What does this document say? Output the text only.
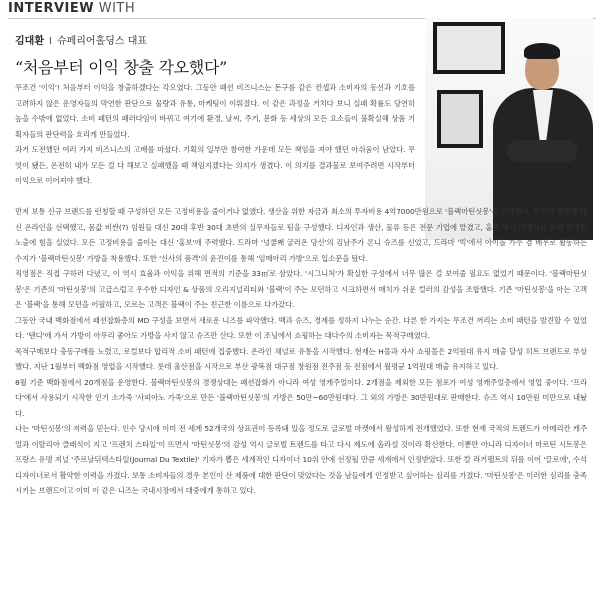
INTERVIEW WITH
김대환 I 슈페리어홀딩스 대표
“처음부터 이익 창출 각오했다”

무조건 '이익'! 처음부터 이익을 창출하겠다는 각오였다. 그동안 패션 비즈니스는 돈구름 같은 컨셉과 소비자의 동선과 기호를 고려하지 않은 운영자들의 막연한 판단으로 물량과 유통, 마케팅이 이뤄졌다. 이 같은 과정을 거치다 보니 실패 확률도 당연히 높을 수밖에 없었다. 소비 패턴의 패러다임이 바뀌고 여기에 환경, 날씨, 주거, 문화 등 세상의 모든 요소들이 불확실해 상품 기획자들의 판단력을 흐리게 만들었다.

과거 도전했던 여러 가지 비즈니스의 고배를 마셨다. 기획의 일부만 참여한 가운데 모든 책임을 져야 했던 아쉬움이 남았다. 무엇이 됐든, 온전히 내가 모든 걸 다 해보고 실패했을 때 책임지겠다는 의지가 생겼다. 이 의지를 결과물로 보여주려면 시작부터 이익으로 이어져야 했다.

먼저 보통 신규 브랜드를 런칭할 때 구성하던 모든 고정비용을 줄이거나 없앴다. 생산을 위한 자금과 최소의 투자비용 4억7000만원으로 '블랙마틴싯봉'을 시작했다. 막연한 유통망 대신 온라인을 선택했고, 몸값 비싼(?) 임원들 대신 20대 후반 30대 초반의 실무자들로 팀을 구성했다. 디자인과 생산, 물류 등은 전문 기업에 맡겼고, 홍보 역시 대행사를 통해 연예인 노출에 힘을 실었다. 모든 고정비용을 줄이는 대신 '홍보'에 주력했다. 드라마 '넝쿨째 굴러온 당신'의 김남주가 론니 슈즈를 신었고, 드라마 '빅'에서 아이돌 가수 겸 배우로 활동하는 수지가 '블랙마틴싯봉' 가방을 착용했다. 또한 '신사의 품격'의 윤진이를 통해 '임메아리 가방'으로 입소문을 탔다.

직영점은 직접 구하러 다녔고, 이 역시 효율과 이익을 위해 면적의 기준을 33㎡로 삼았다. '시그니처'가 확실한 구성에서 너무 많은 걸 보여줄 필요도 없었기 때문이다. '블랙마틴싯봉'은 기존의 '마틴싯봉'의 고급스럽고 우수한 디자인 & 상품의 오리지널리티와 '블랙'이 주는 모던하고 시크하면서 매치가 쉬운 컬러의 감성을 조합했다. 기존 '마틴싯봉'을 아는 고객은 '블랙'을 통해 모던을 어필하고, 모르는 고객은 블랙이 주는 친근한 이름으로 다가갔다.

그동안 국내 백화점에서 패션잡화층의 MD 구성을 보면서 새로운 니즈를 파악했다. 백과 슈즈, 경계를 정하지 나누는 순간. 다른 한 가지는 무조건 꺼리는 소비 패턴을 발견할 수 있었다. '탠디'에 가서 가방이 아무리 좋아도 가방을 사지 않고 슈즈만 산다. 또한 이 조닝에서 쇼핑하는 대다수의 소비자는 목적구매였다.

목적구매보다 충동구매를 노렸고, 로컬보다 합리적 소비 패턴에 집중했다. 온라인 채널로 유통을 시작했다. 현재는 H몰과 자사 쇼핑몰은 2억원대 유지 매출 달성 히트 브랜드로 부상했다. 지난 1월부터 백화점 영업을 시작했다. 롯데 울산점을 시작으로 부산 광복점 대구점 창원점 전주점 등 전점에서 월평균 1억원대 매출 유지하고 있다.

8월 기준 백화점에서 20개점을 운영한다. 블랙마틴싯봉의 경쟁상대는 패션잡화가 아니라 여성 영캐주얼이다. 2개점을 제외한 모든 점포가 여성 영캐주얼층에서 영업 중이다. '프라다'에서 사용되기 시작한 인기 소가죽 '사피아노 가죽'으로 만든 '블랙마틴싯봉'의 가방은 50만~60만원대다. 그 외의 가방은 30만원대로 판매한다. 슈즈 역시 10만원 미만으로 내놨다.

나는 '마틴싯봉'의 저력을 믿는다. 인수 당시에 이미 전 세계 52개국의 상표권이 등록돼 있을 정도로 글로벌 마켓에서 왕성하게 전개했었다. 또한 현재 국적의 트렌드가 아메리칸 캐주얼과 이탈리아 클래식이 지고 '프렌치 스타일'이 뜨면서 '마틴싯봉'의 감성 역시 글로벌 트렌드를 타고 다시 제도에 올라설 것이라 확신한다. 이뿐만 아니라 디자이너 마르틴 시트봉은 프랑스 유명 저널 '주르날뒤텍스타일(Journal Du Textile)' 기자가 뽑은 세계적인 디자이너 10위 안에 선정될 만큼 세계에서 인정받았다. 또한 칼 라거펠트의 뒤를 이어 '끌로에', 수석디자이너로서 활약한 이력을 가졌다. 보통 소비자들의 경우 본인이 산 제품에 대한 판단이 맞았다는 것을 남들에게 인정받고 싶어하는 심리를 가졌다. '마틴싯봉'은 이러한 심리를 충족시키는 브랜드이고 이미 이 같은 니즈는 국내시장에서 대중에게 통하고 있다.
